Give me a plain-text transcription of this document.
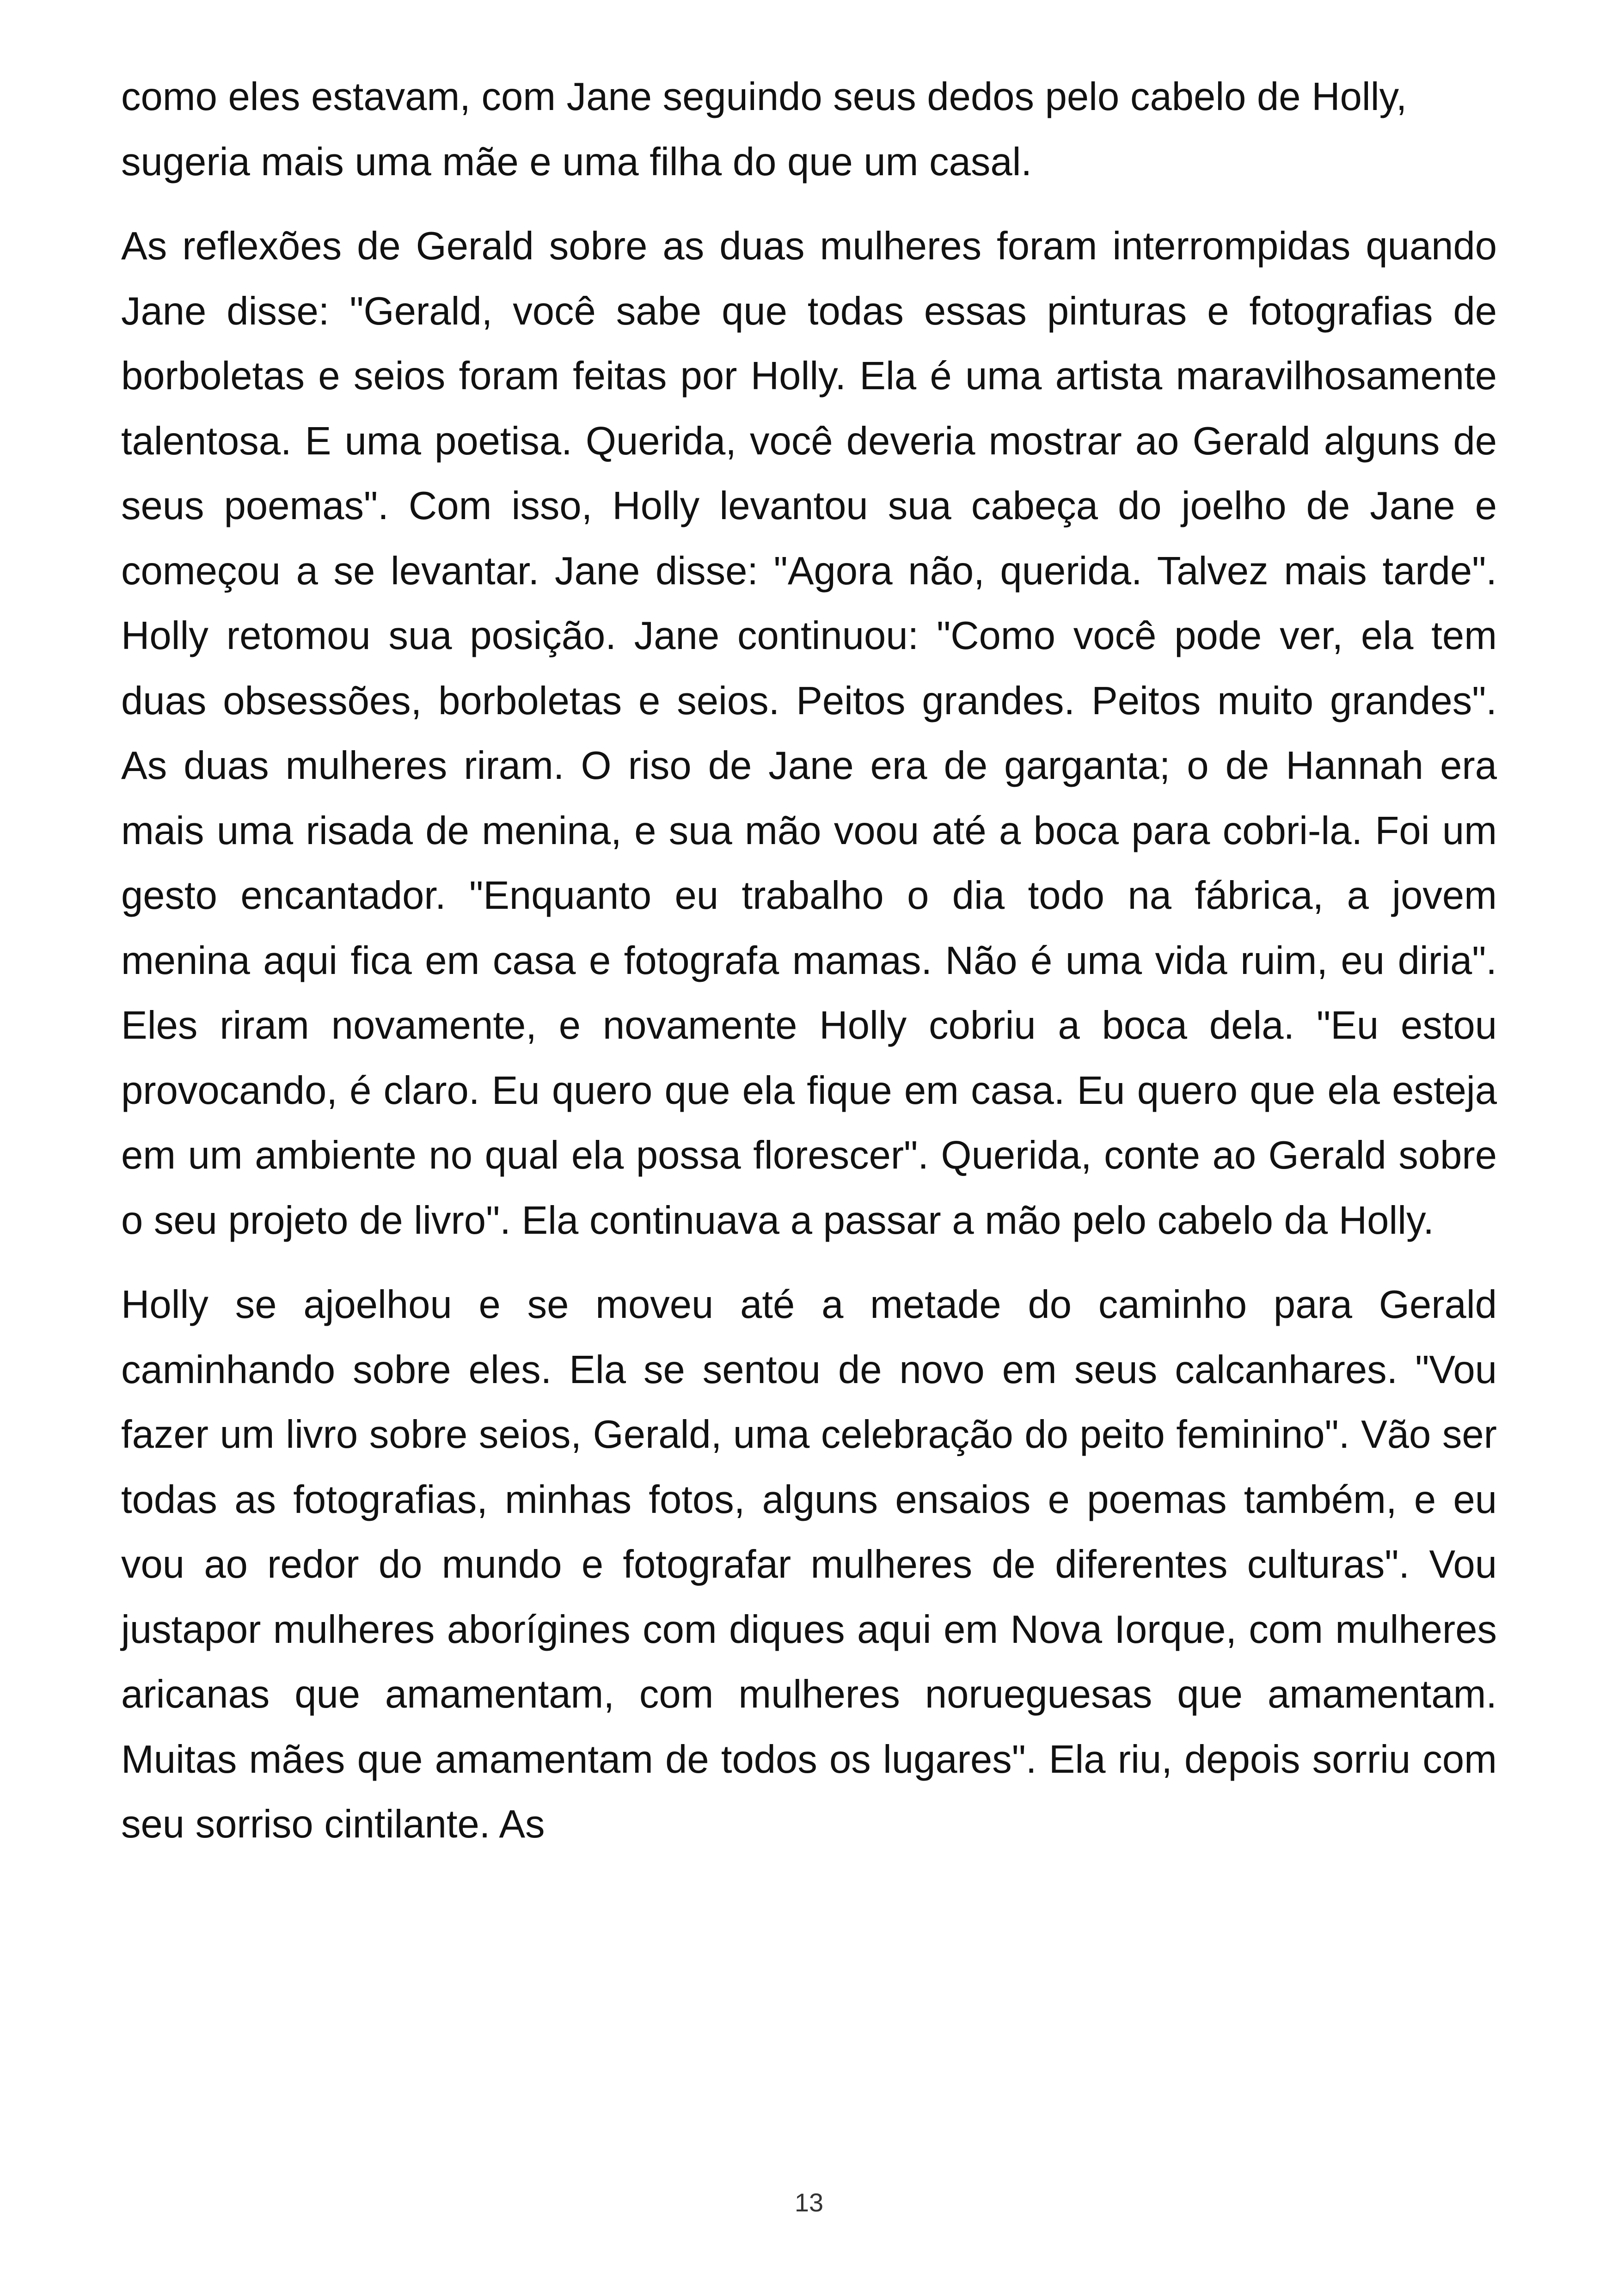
como eles estavam, com Jane seguindo seus dedos pelo cabelo de Holly, sugeria mais uma mãe e uma filha do que um casal.

As reflexões de Gerald sobre as duas mulheres foram interrompidas quando Jane disse: "Gerald, você sabe que todas essas pinturas e fotografias de borboletas e seios foram feitas por Holly. Ela é uma artista maravilhosamente talentosa. E uma poetisa. Querida, você deveria mostrar ao Gerald alguns de seus poemas". Com isso, Holly levantou sua cabeça do joelho de Jane e começou a se levantar. Jane disse: "Agora não, querida. Talvez mais tarde". Holly retomou sua posição. Jane continuou: "Como você pode ver, ela tem duas obsessões, borboletas e seios. Peitos grandes. Peitos muito grandes". As duas mulheres riram. O riso de Jane era de garganta; o de Hannah era mais uma risada de menina, e sua mão voou até a boca para cobri-la. Foi um gesto encantador. "Enquanto eu trabalho o dia todo na fábrica, a jovem menina aqui fica em casa e fotografa mamas. Não é uma vida ruim, eu diria". Eles riram novamente, e novamente Holly cobriu a boca dela. "Eu estou provocando, é claro. Eu quero que ela fique em casa. Eu quero que ela esteja em um ambiente no qual ela possa florescer". Querida, conte ao Gerald sobre o seu projeto de livro". Ela continuava a passar a mão pelo cabelo da Holly.

Holly se ajoelhou e se moveu até a metade do caminho para Gerald caminhando sobre eles. Ela se sentou de novo em seus calcanhares. "Vou fazer um livro sobre seios, Gerald, uma celebração do peito feminino". Vão ser todas as fotografias, minhas fotos, alguns ensaios e poemas também, e eu vou ao redor do mundo e fotografar mulheres de diferentes culturas". Vou justapor mulheres aborígines com diques aqui em Nova Iorque, com mulheres aricanas que amamentam, com mulheres norueguesas que amamentam. Muitas mães que amamentam de todos os lugares". Ela riu, depois sorriu com seu sorriso cintilante. As

13
